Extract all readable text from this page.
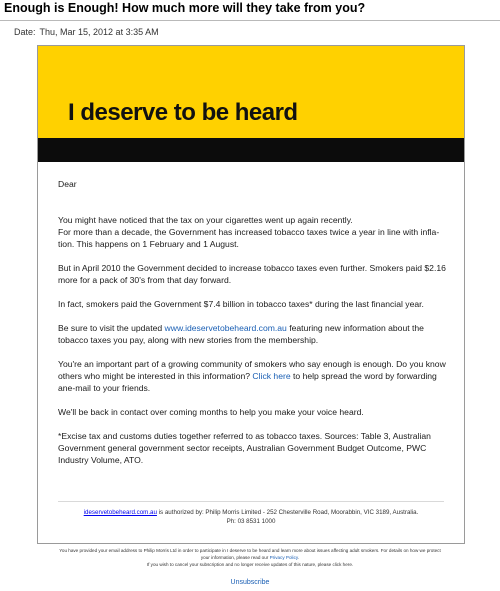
Enough is Enough! How much more will they take from you?
Date: Thu, Mar 15, 2012 at 3:35 AM
I deserve to be heard

Dear

You might have noticed that the tax on your cigarettes went up again recently.

For more than a decade, the Government has increased tobacco taxes twice a year in line with infla-tion. This happens on 1 February and 1 August.

But in April 2010 the Government decided to increase tobacco taxes even further. Smokers paid $2.16 more for a pack of 30's from that day forward.

In fact, smokers paid the Government $7.4 billion in tobacco taxes* during the last financial year.

Be sure to visit the updated www.ideservetobeheard.com.au featuring new information about the tobacco taxes you pay, along with new stories from the membership.

You're an important part of a growing community of smokers who say enough is enough. Do you know others who might be interested in this information? Click here to help spread the word by forwarding ane-mail to your friends.

We'll be back in contact over coming months to help you make your voice heard.

*Excise tax and customs duties together referred to as tobacco taxes. Sources: Table 3, Australian Government general government sector receipts, Australian Government Budget Outcome, PWC Industry Volume, ATO.

ideservetobeheard.com.au is authorized by: Philip Morris Limited - 252 Chesterville Road, Moorabbin, VIC 3189, Australia.
Ph: 03 8531 1000
You have provided your email address to Philip Morris Ltd in order to participate in I deserve to be heard and learn more about issues affecting adult smokers. For details on how we protect
your information, please read our Privacy Policy.
If you wish to cancel your subscription and no longer receive updates of this nature, please click here.
Unsubscribe
